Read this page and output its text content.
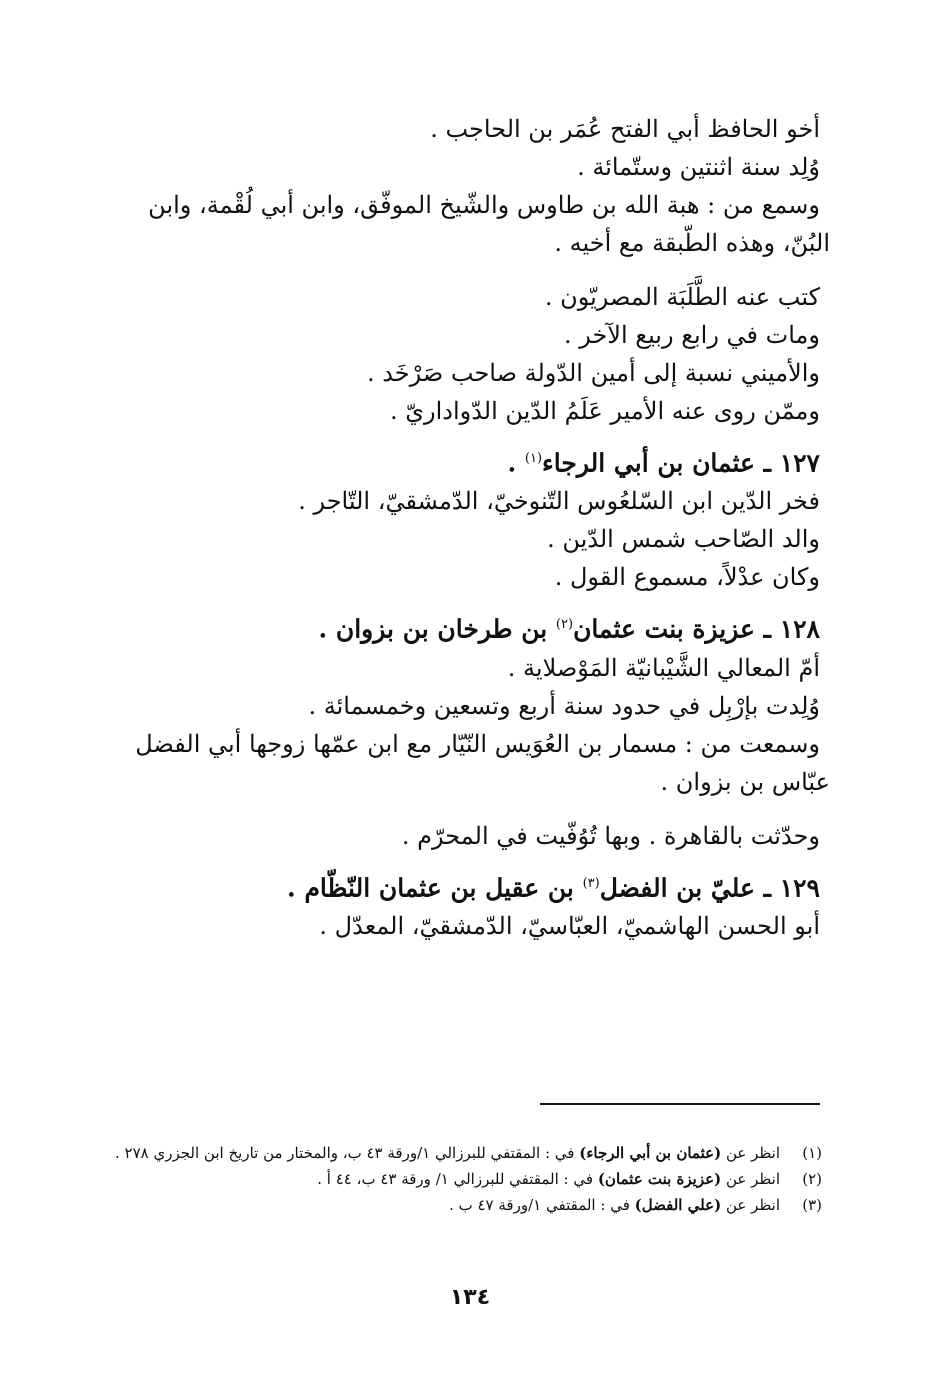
أخو الحافظ أبي الفتح عُمَر بن الحاجب .
وُلِد سنة اثنتين وستّمائة .
وسمع من : هبة الله بن طاوس والشّيخ الموفّق، وابن أبي لُقْمة، وابن
البُنّ، وهذه الطّبقة مع أخيه .
كتب عنه الطَّلَبَة المصريّون .
ومات في رابع ربيع الآخر .
والأميني نسبة إلى أمين الدّولة صاحب صَرْخَد .
وممّن روى عنه الأمير عَلَمُ الدّين الدّواداريّ .
١٢٧ ـ عثمان بن أبي الرجاء$^{(١)}$ .
فخر الدّين ابن السّلعُوس التّنوخيّ، الدّمشقيّ، التّاجر .
والد الصّاحب شمس الدّين .
وكان عدْلاً، مسموع القول .
١٢٨ ـ عزيزة بنت عثمان$^{(٢)}$ بن طرخان بن بزوان .
أمّ المعالي الشَّيْبانيّة المَوْصلاية .
وُلِدت بإرْبِل في حدود سنة أربع وتسعين وخمسمائة .
وسمعت من : مسمار بن العُوَيس النّيّار مع ابن عمّها زوجها أبي الفضل
عبّاس بن بزوان .
وحدّثت بالقاهرة . وبها تُوُفّيت في المحرّم .
١٢٩ ـ عليّ بن الفضل$^{(٣)}$ بن عقيل بن عثمان النّظّام .
أبو الحسن الهاشميّ، العبّاسيّ، الدّمشقيّ، المعدّل .
(١)
انظر عن (عثمان بن أبي الرجاء) في : المقتفي للبرزالي ١/ورقة ٤٣ ب، والمختار من تاريخ ابن الجزري ٢٧٨ .
(٢)
انظر عن (عزيزة بنت عثمان) في : المقتفي للبرزالي ١/ ورقة ٤٣ ب، ٤٤ أ .
(٣)
انظر عن (علي الفضل) في : المقتفي ١/ورقة ٤٧ ب .
١٣٤
